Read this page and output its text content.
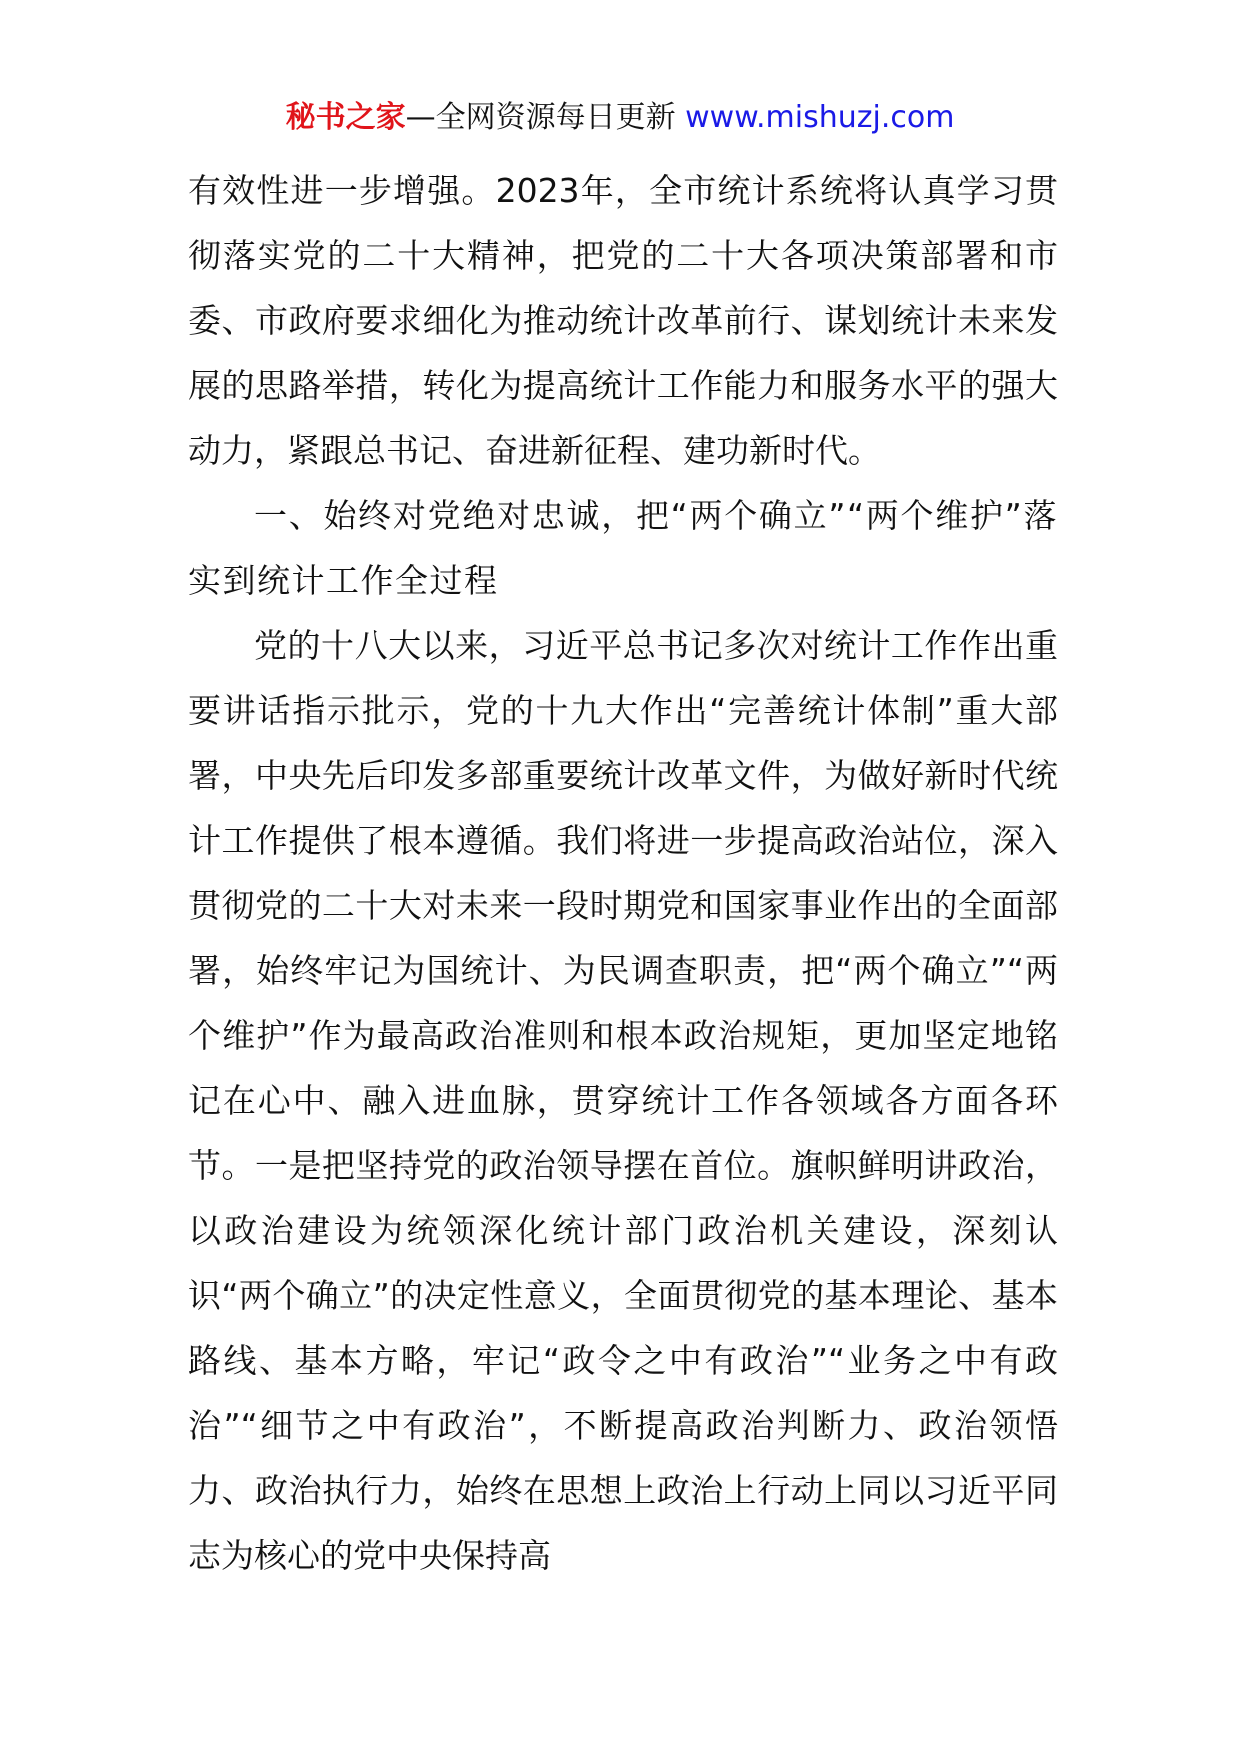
秘书之家—全网资源每日更新 www.mishuzj.com

有效性进一步增强。2023年，全市统计系统将认真学习贯彻落实党的二十大精神，把党的二十大各项决策部署和市委、市政府要求细化为推动统计改革前行、谋划统计未来发展的思路举措，转化为提高统计工作能力和服务水平的强大动力，紧跟总书记、奋进新征程、建功新时代。

一、始终对党绝对忠诚，把“两个确立”“两个维护”落实到统计工作全过程

党的十八大以来，习近平总书记多次对统计工作作出重要讲话指示批示，党的十九大作出“完善统计体制”重大部署，中央先后印发多部重要统计改革文件，为做好新时代统计工作提供了根本遵循。我们将进一步提高政治站位，深入贯彻党的二十大对未来一段时期党和国家事业作出的全面部署，始终牢记为国统计、为民调查职责，把“两个确立”“两个维护”作为最高政治准则和根本政治规矩，更加坚定地铭记在心中、融入进血脉，贯穿统计工作各领域各方面各环节。一是把坚持党的政治领导摆在首位。旗帜鲜明讲政治，以政治建设为统领深化统计部门政治机关建设，深刻认识“两个确立”的决定性意义，全面贯彻党的基本理论、基本路线、基本方略，牢记“政令之中有政治”“业务之中有政治”“细节之中有政治”，不断提高政治判断力、政治领悟力、政治执行力，始终在思想上政治上行动上同以习近平同志为核心的党中央保持高
